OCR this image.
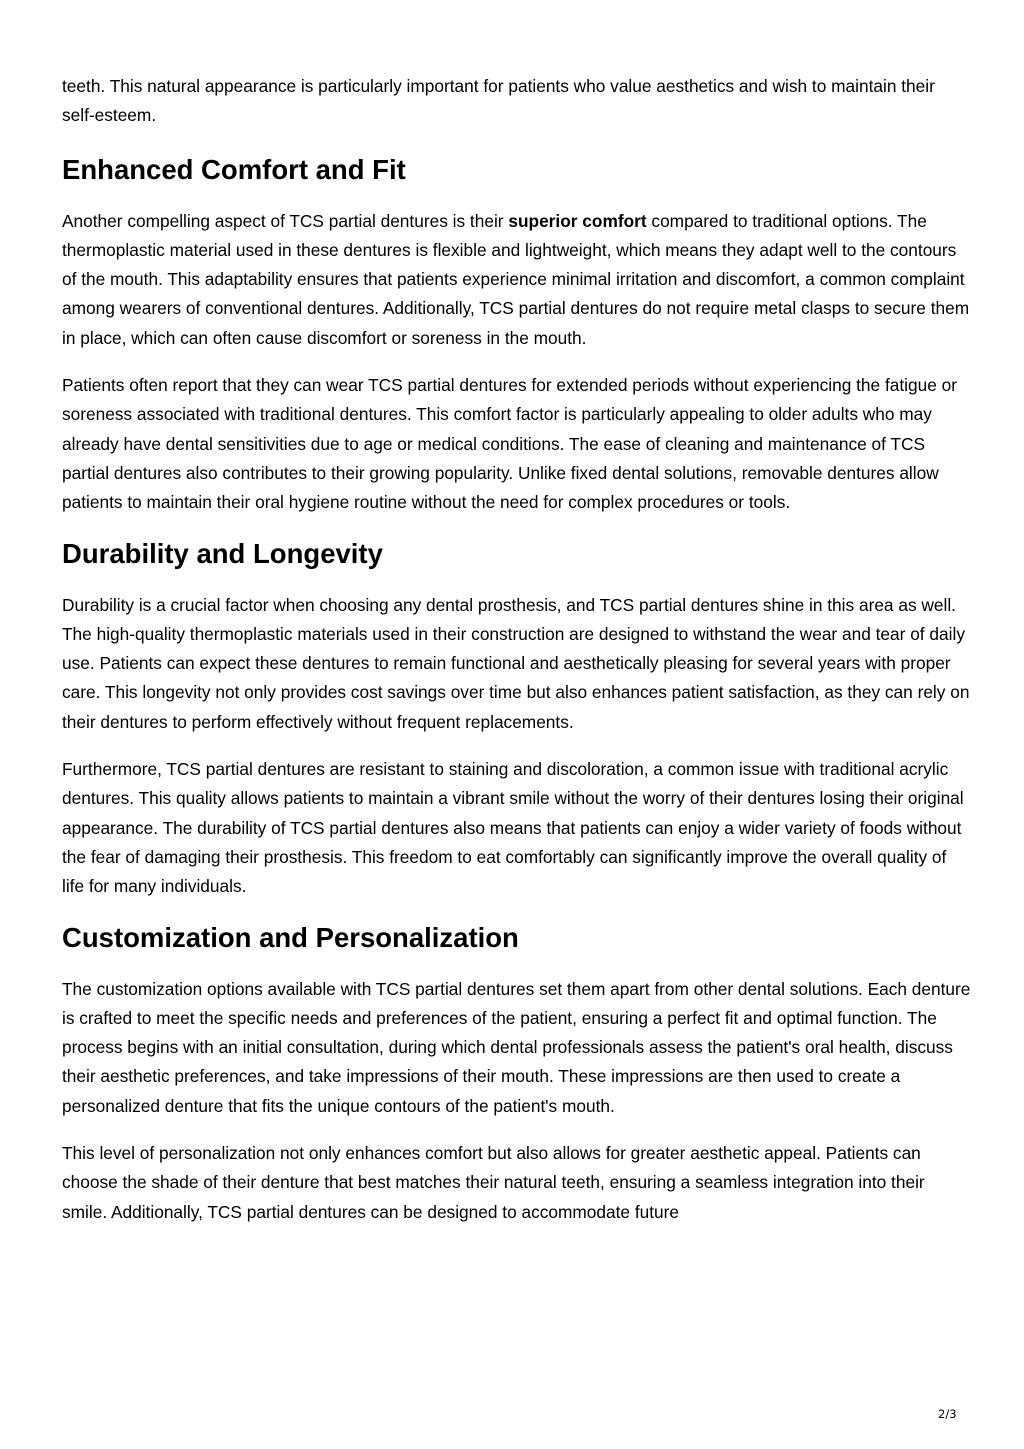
teeth. This natural appearance is particularly important for patients who value aesthetics and wish to maintain their self-esteem.

Enhanced Comfort and Fit

Another compelling aspect of TCS partial dentures is their superior comfort compared to traditional options. The thermoplastic material used in these dentures is flexible and lightweight, which means they adapt well to the contours of the mouth. This adaptability ensures that patients experience minimal irritation and discomfort, a common complaint among wearers of conventional dentures. Additionally, TCS partial dentures do not require metal clasps to secure them in place, which can often cause discomfort or soreness in the mouth.

Patients often report that they can wear TCS partial dentures for extended periods without experiencing the fatigue or soreness associated with traditional dentures. This comfort factor is particularly appealing to older adults who may already have dental sensitivities due to age or medical conditions. The ease of cleaning and maintenance of TCS partial dentures also contributes to their growing popularity. Unlike fixed dental solutions, removable dentures allow patients to maintain their oral hygiene routine without the need for complex procedures or tools.

Durability and Longevity

Durability is a crucial factor when choosing any dental prosthesis, and TCS partial dentures shine in this area as well. The high-quality thermoplastic materials used in their construction are designed to withstand the wear and tear of daily use. Patients can expect these dentures to remain functional and aesthetically pleasing for several years with proper care. This longevity not only provides cost savings over time but also enhances patient satisfaction, as they can rely on their dentures to perform effectively without frequent replacements.

Furthermore, TCS partial dentures are resistant to staining and discoloration, a common issue with traditional acrylic dentures. This quality allows patients to maintain a vibrant smile without the worry of their dentures losing their original appearance. The durability of TCS partial dentures also means that patients can enjoy a wider variety of foods without the fear of damaging their prosthesis. This freedom to eat comfortably can significantly improve the overall quality of life for many individuals.

Customization and Personalization

The customization options available with TCS partial dentures set them apart from other dental solutions. Each denture is crafted to meet the specific needs and preferences of the patient, ensuring a perfect fit and optimal function. The process begins with an initial consultation, during which dental professionals assess the patient's oral health, discuss their aesthetic preferences, and take impressions of their mouth. These impressions are then used to create a personalized denture that fits the unique contours of the patient's mouth.

This level of personalization not only enhances comfort but also allows for greater aesthetic appeal. Patients can choose the shade of their denture that best matches their natural teeth, ensuring a seamless integration into their smile. Additionally, TCS partial dentures can be designed to accommodate future

2/3
